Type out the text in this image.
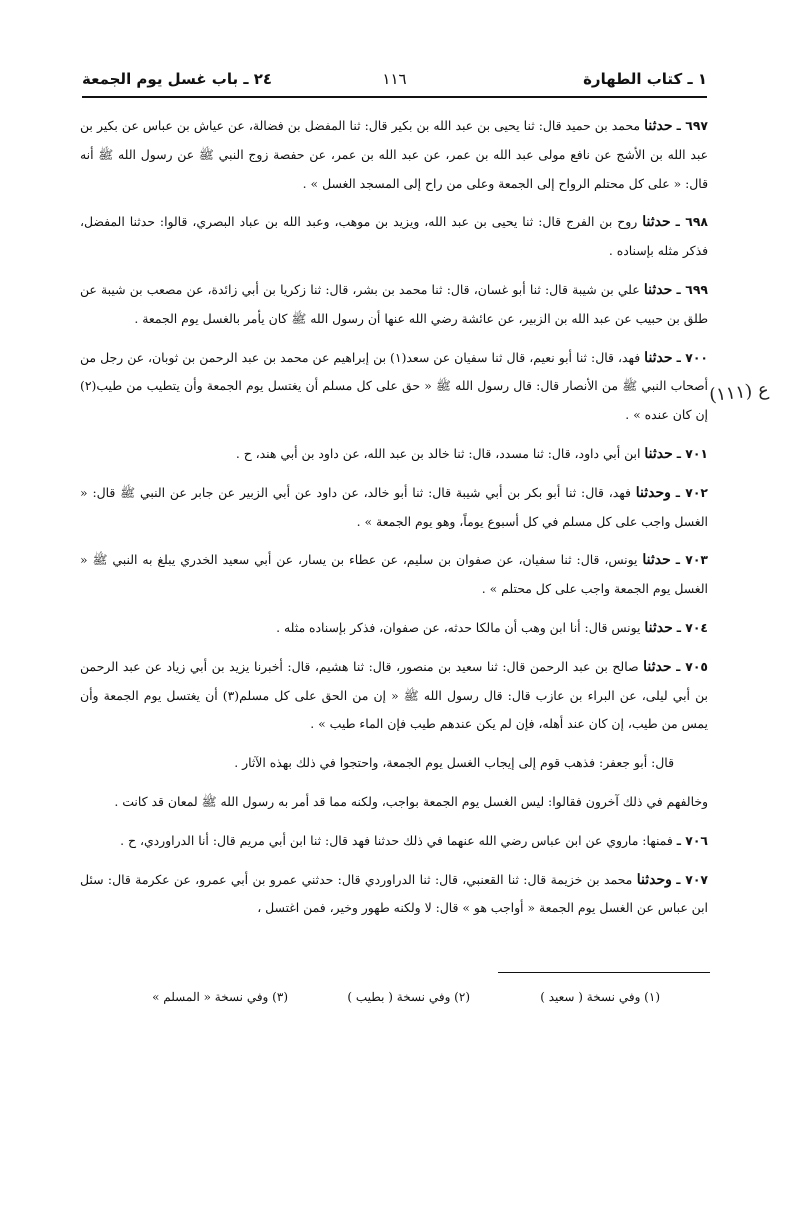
١ ـ كتاب الطهارة
١١٦
٢٤ ـ باب غسل يوم الجمعة

٦٩٧ ـ حدثنا محمد بن حميد قال: ثنا يحيى بن عبد الله بن بكير قال: ثنا المفضل بن فضالة، عن عياش بن عباس عن بكير بن عبد الله بن الأشج عن نافع مولى عبد الله بن عمر، عن عبد الله بن عمر، عن حفصة زوج النبي ﷺ عن رسول الله ﷺ أنه قال: « على كل محتلم الرواح إلى الجمعة وعلى من راح إلى المسجد الغسل » .

٦٩٨ ـ حدثنا روح بن الفرج قال: ثنا يحيى بن عبد الله، ويزيد بن موهب، وعبد الله بن عباد البصري، قالوا: حدثنا المفضل، فذكر مثله بإسناده .

٦٩٩ ـ حدثنا علي بن شيبة قال: ثنا أبو غسان، قال: ثنا محمد بن بشر، قال: ثنا زكريا بن أبي زائدة، عن مصعب بن شيبة عن طلق بن حبيب عن عبد الله بن الزبير، عن عائشة رضي الله عنها أن رسول الله ﷺ كان يأمر بالغسل يوم الجمعة .

٧٠٠ ـ حدثنا فهد، قال: ثنا أبو نعيم، قال ثنا سفيان عن سعد(١) بن إبراهيم عن محمد بن عبد الرحمن بن ثوبان، عن رجل من أصحاب النبي ﷺ من الأنصار قال: قال رسول الله ﷺ « حق على كل مسلم أن يغتسل يوم الجمعة وأن يتطيب من طيب(٢) إن كان عنده » .

٧٠١ ـ حدثنا ابن أبي داود، قال: ثنا مسدد، قال: ثنا خالد بن عبد الله، عن داود بن أبي هند، ح .

٧٠٢ ـ وحدثنا فهد، قال: ثنا أبو بكر بن أبي شيبة قال: ثنا أبو خالد، عن داود عن أبي الزبير عن جابر عن النبي ﷺ قال: « الغسل واجب على كل مسلم في كل أسبوع يوماً، وهو يوم الجمعة » .

٧٠٣ ـ حدثنا يونس، قال: ثنا سفيان، عن صفوان بن سليم، عن عطاء بن يسار، عن أبي سعيد الخدري يبلغ به النبي ﷺ « الغسل يوم الجمعة واجب على كل محتلم » .

٧٠٤ ـ حدثنا يونس قال: أنا ابن وهب أن مالكا حدثه، عن صفوان، فذكر بإسناده مثله .

٧٠٥ ـ حدثنا صالح بن عبد الرحمن قال: ثنا سعيد بن منصور، قال: ثنا هشيم، قال: أخبرنا يزيد بن أبي زياد عن عبد الرحمن بن أبي ليلى، عن البراء بن عازب قال: قال رسول الله ﷺ « إن من الحق على كل مسلم(٣) أن يغتسل يوم الجمعة وأن يمس من طيب، إن كان عند أهله، فإن لم يكن عندهم طيب فإن الماء طيب » .

قال: أبو جعفر: فذهب قوم إلى إيجاب الغسل يوم الجمعة، واحتجوا في ذلك بهذه الآثار .

وخالفهم في ذلك آخرون فقالوا: ليس الغسل يوم الجمعة بواجب، ولكنه مما قد أمر به رسول الله ﷺ لمعان قد كانت .

٧٠٦ ـ فمنها: ماروي عن ابن عباس رضي الله عنهما في ذلك حدثنا فهد قال: ثنا ابن أبي مريم قال: أنا الدراوردي، ح .

٧٠٧ ـ وحدثنا محمد بن خزيمة قال: ثنا القعنبي، قال: ثنا الدراوردي قال: حدثني عمرو بن أبي عمرو، عن عكرمة قال: سئل ابن عباس عن الغسل يوم الجمعة « أواجب هو » قال: لا ولكنه طهور وخير، فمن اغتسل ،

ع (١١١)
(١) وفي نسخة ( سعيد )
(٢) وفي نسخة ( بطيب )
(٣) وفي نسخة « المسلم »
